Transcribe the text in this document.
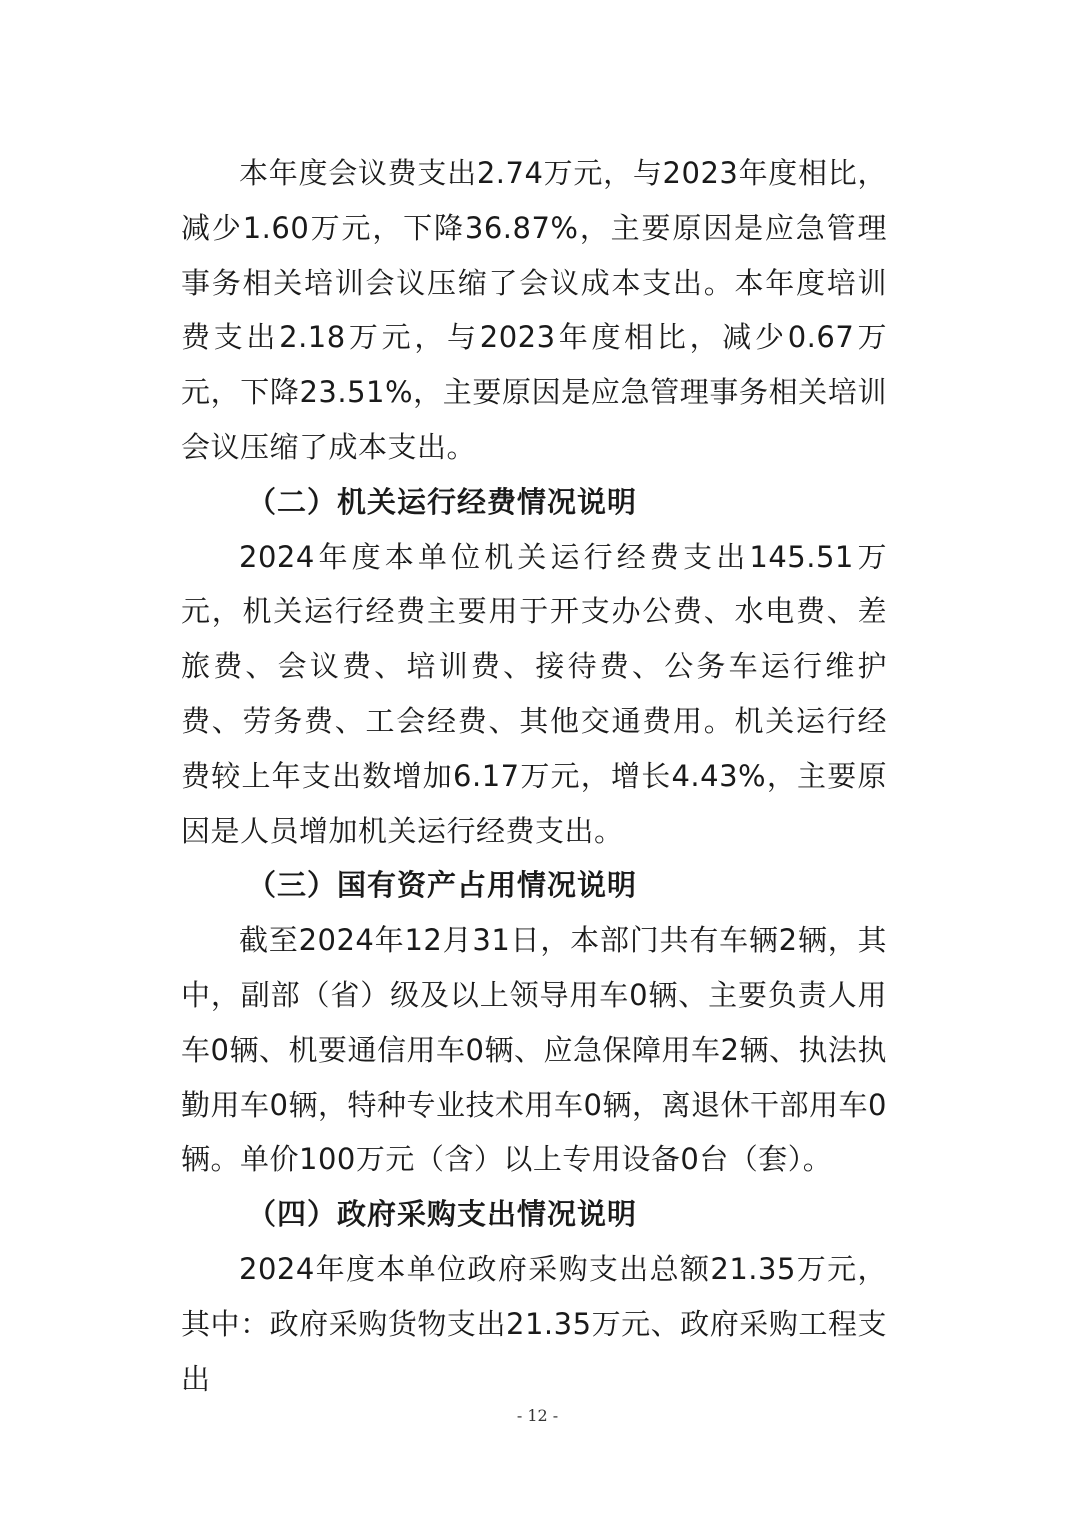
本年度会议费支出2.74万元，与2023年度相比，减少1.60万元，下降36.87%，主要原因是应急管理事务相关培训会议压缩了会议成本支出。本年度培训费支出2.18万元，与2023年度相比，减少0.67万元，下降23.51%，主要原因是应急管理事务相关培训会议压缩了成本支出。

（二）机关运行经费情况说明

2024年度本单位机关运行经费支出145.51万元，机关运行经费主要用于开支办公费、水电费、差旅费、会议费、培训费、接待费、公务车运行维护费、劳务费、工会经费、其他交通费用。机关运行经费较上年支出数增加6.17万元，增长4.43%，主要原因是人员增加机关运行经费支出。

（三）国有资产占用情况说明

截至2024年12月31日，本部门共有车辆2辆，其中，副部（省）级及以上领导用车0辆、主要负责人用车0辆、机要通信用车0辆、应急保障用车2辆、执法执勤用车0辆，特种专业技术用车0辆，离退休干部用车0辆。单价100万元（含）以上专用设备0台（套）。

（四）政府采购支出情况说明

2024年度本单位政府采购支出总额21.35万元，其中：政府采购货物支出21.35万元、政府采购工程支出

- 12 -
